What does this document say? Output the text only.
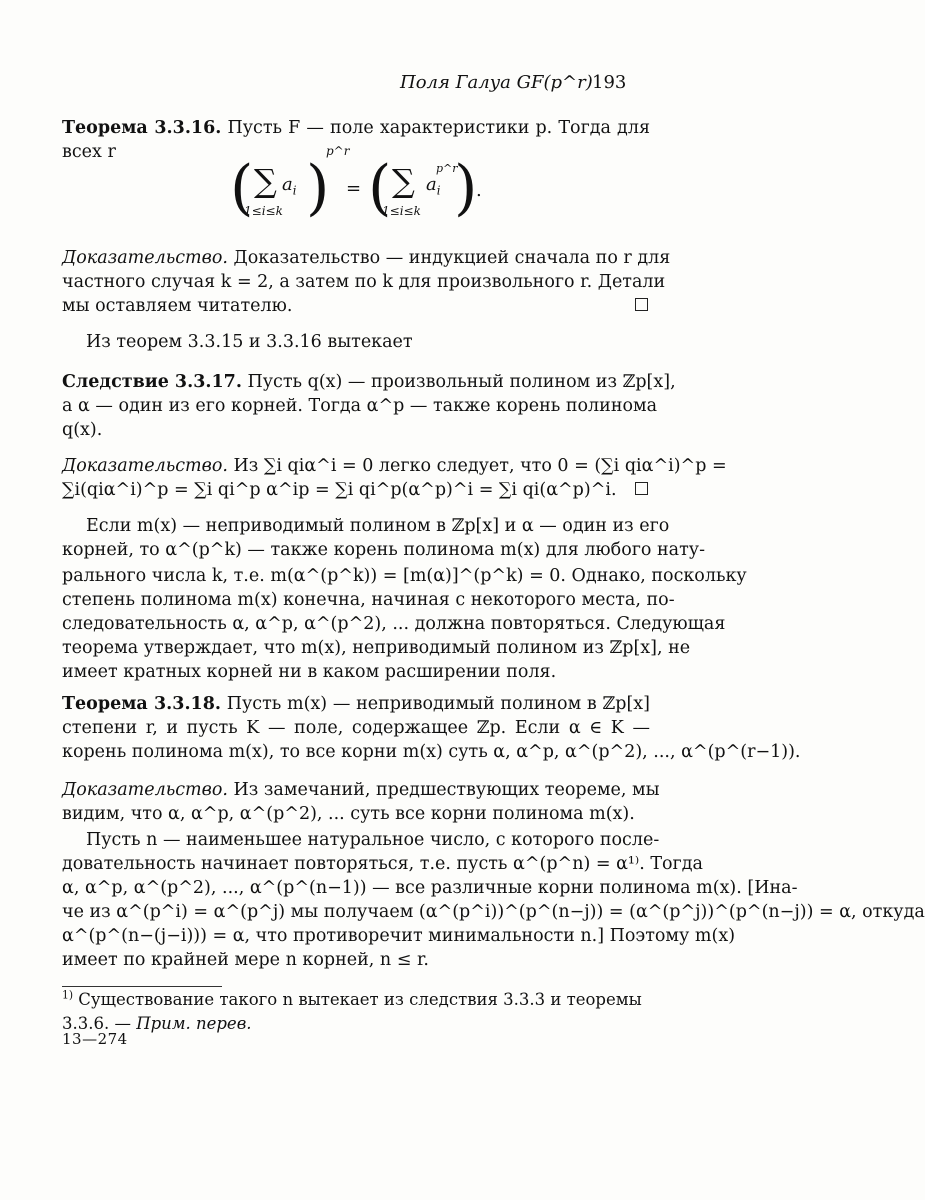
Поля Галуа GF(p^r) 193
Теорема 3.3.16. Пусть F — поле характеристики p. Тогда для
всех r
( ∑ $a_i$
1≤i≤k )
p^r
= ( ∑ $a_i$
p^r
1≤i≤k )
.
Доказательство. Доказательство — индукцией сначала по r для
частного случая k = 2, а затем по k для произвольного r. Детали
мы оставляем читателю.
Из теорем 3.3.15 и 3.3.16 вытекает
Следствие 3.3.17. Пусть q(x) — произвольный полином из ℤp[x],
а α — один из его корней. Тогда α^p — также корень полинома
q(x).
Доказательство. Из ∑i qiα^i = 0 легко следует, что 0 = (∑i qiα^i)^p =
∑i(qiα^i)^p = ∑i qi^p α^ip = ∑i qi^p(α^p)^i = ∑i qi(α^p)^i.
Если m(x) — неприводимый полином в ℤp[x] и α — один из его
корней, то α^(p^k) — также корень полинома m(x) для любого нату-
рального числа k, т.е. m(α^(p^k)) = [m(α)]^(p^k) = 0. Однако, поскольку
степень полинома m(x) конечна, начиная с некоторого места, по-
следовательность α, α^p, α^(p^2), ... должна повторяться. Следующая
теорема утверждает, что m(x), неприводимый полином из ℤp[x], не
имеет кратных корней ни в каком расширении поля.
Теорема 3.3.18. Пусть m(x) — неприводимый полином в ℤp[x]
степени r, и пусть K — поле, содержащее ℤp. Если α ∈ K —
корень полинома m(x), то все корни m(x) суть α, α^p, α^(p^2), ..., α^(p^(r−1)).
Доказательство. Из замечаний, предшествующих теореме, мы
видим, что α, α^p, α^(p^2), ... суть все корни полинома m(x).
Пусть n — наименьшее натуральное число, с которого после-
довательность начинает повторяться, т.е. пусть α^(p^n) = α¹⁾. Тогда
α, α^p, α^(p^2), ..., α^(p^(n−1)) — все различные корни полинома m(x). [Ина-
че из α^(p^i) = α^(p^j) мы получаем (α^(p^i))^(p^(n−j)) = (α^(p^j))^(p^(n−j)) = α, откуда
α^(p^(n−(j−i))) = α, что противоречит минимальности n.] Поэтому m(x)
имеет по крайней мере n корней, n ≤ r.
$^{1)}$ Существование такого n вытекает из следствия 3.3.3 и теоремы
3.3.6. — Прим. перев.
13—274
